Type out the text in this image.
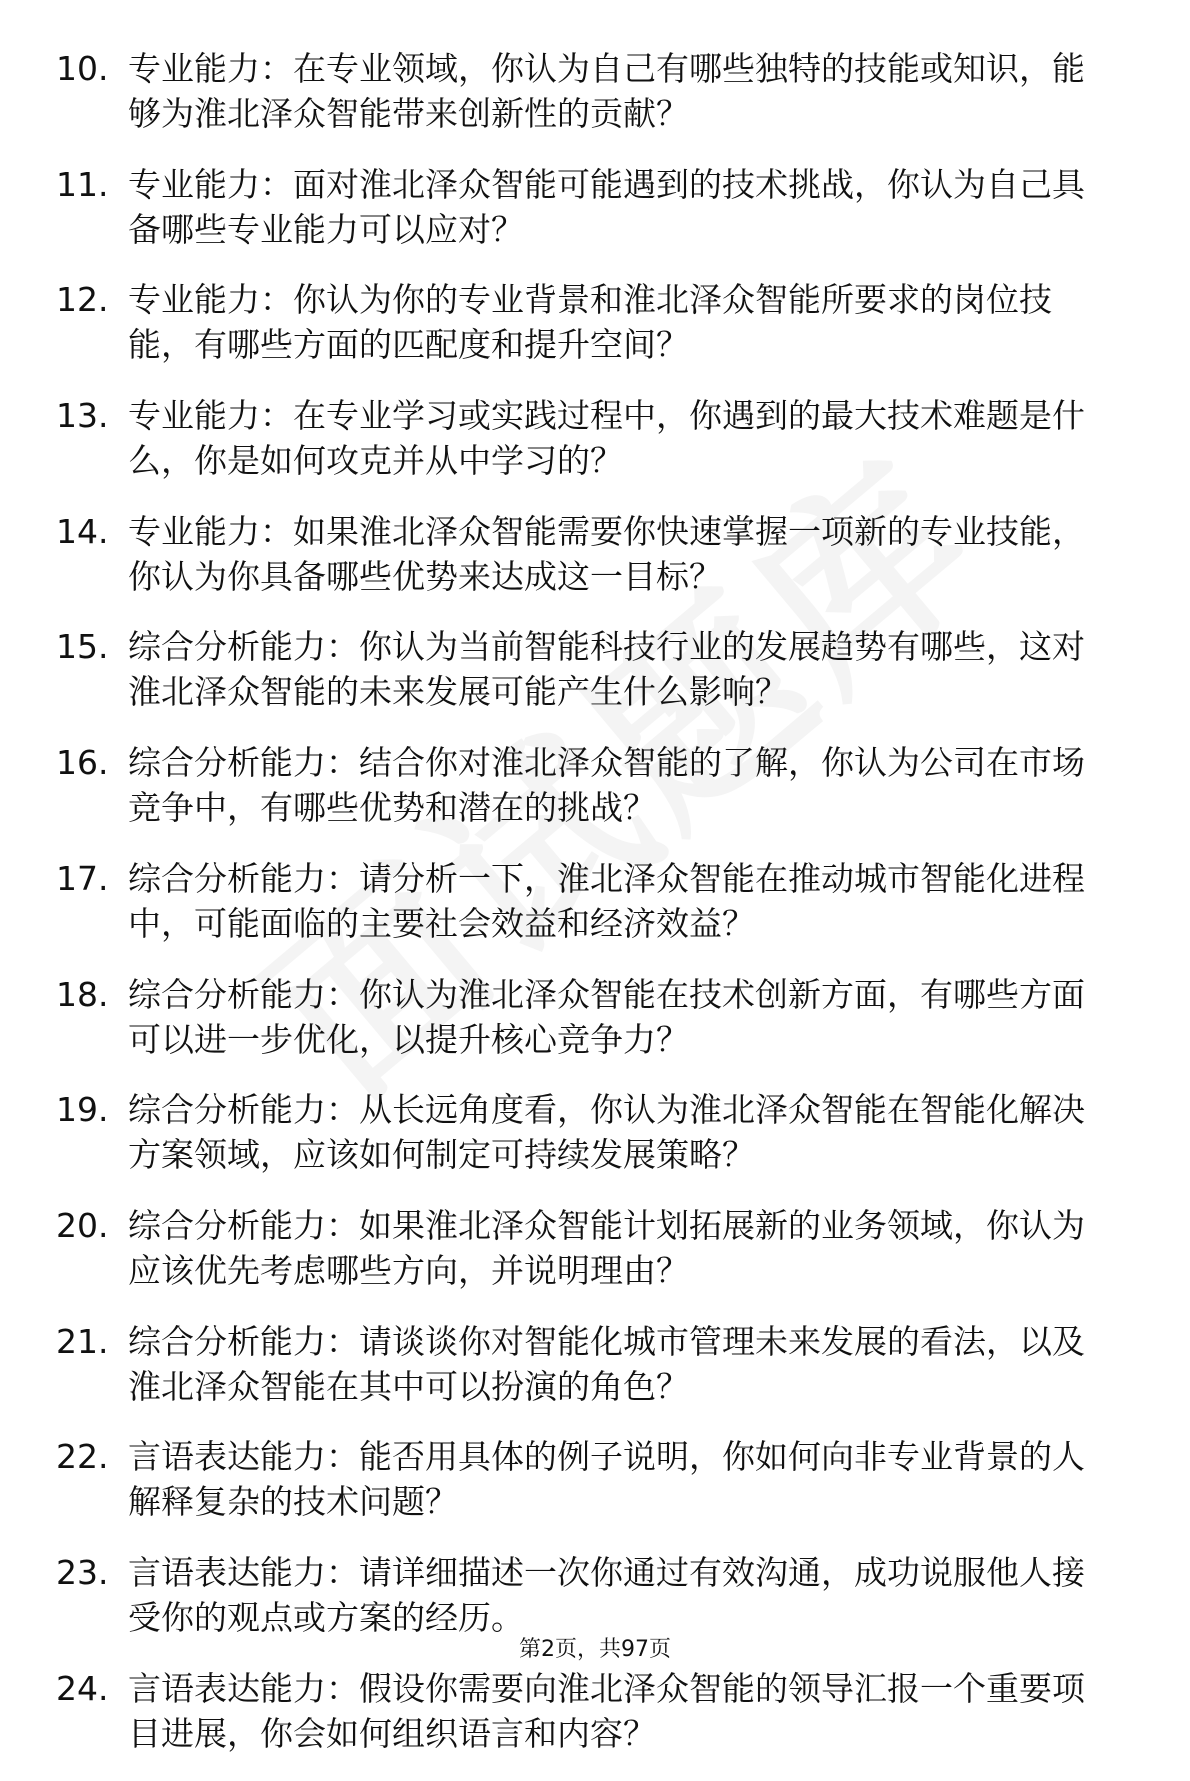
10. 专业能力：在专业领域，你认为自己有哪些独特的技能或知识，能够为淮北泽众智能带来创新性的贡献？
11. 专业能力：面对淮北泽众智能可能遇到的技术挑战，你认为自己具备哪些专业能力可以应对？
12. 专业能力：你认为你的专业背景和淮北泽众智能所要求的岗位技能，有哪些方面的匹配度和提升空间？
13. 专业能力：在专业学习或实践过程中，你遇到的最大技术难题是什么，你是如何攻克并从中学习的？
14. 专业能力：如果淮北泽众智能需要你快速掌握一项新的专业技能，你认为你具备哪些优势来达成这一目标？
15. 综合分析能力：你认为当前智能科技行业的发展趋势有哪些，这对淮北泽众智能的未来发展可能产生什么影响？
16. 综合分析能力：结合你对淮北泽众智能的了解，你认为公司在市场竞争中，有哪些优势和潜在的挑战？
17. 综合分析能力：请分析一下，淮北泽众智能在推动城市智能化进程中，可能面临的主要社会效益和经济效益？
18. 综合分析能力：你认为淮北泽众智能在技术创新方面，有哪些方面可以进一步优化，以提升核心竞争力？
19. 综合分析能力：从长远角度看，你认为淮北泽众智能在智能化解决方案领域，应该如何制定可持续发展策略？
20. 综合分析能力：如果淮北泽众智能计划拓展新的业务领域，你认为应该优先考虑哪些方向，并说明理由？
21. 综合分析能力：请谈谈你对智能化城市管理未来发展的看法，以及淮北泽众智能在其中可以扮演的角色？
22. 言语表达能力：能否用具体的例子说明，你如何向非专业背景的人解释复杂的技术问题？
23. 言语表达能力：请详细描述一次你通过有效沟通，成功说服他人接受你的观点或方案的经历。
24. 言语表达能力：假设你需要向淮北泽众智能的领导汇报一个重要项目进展，你会如何组织语言和内容？
第2页，共97页
